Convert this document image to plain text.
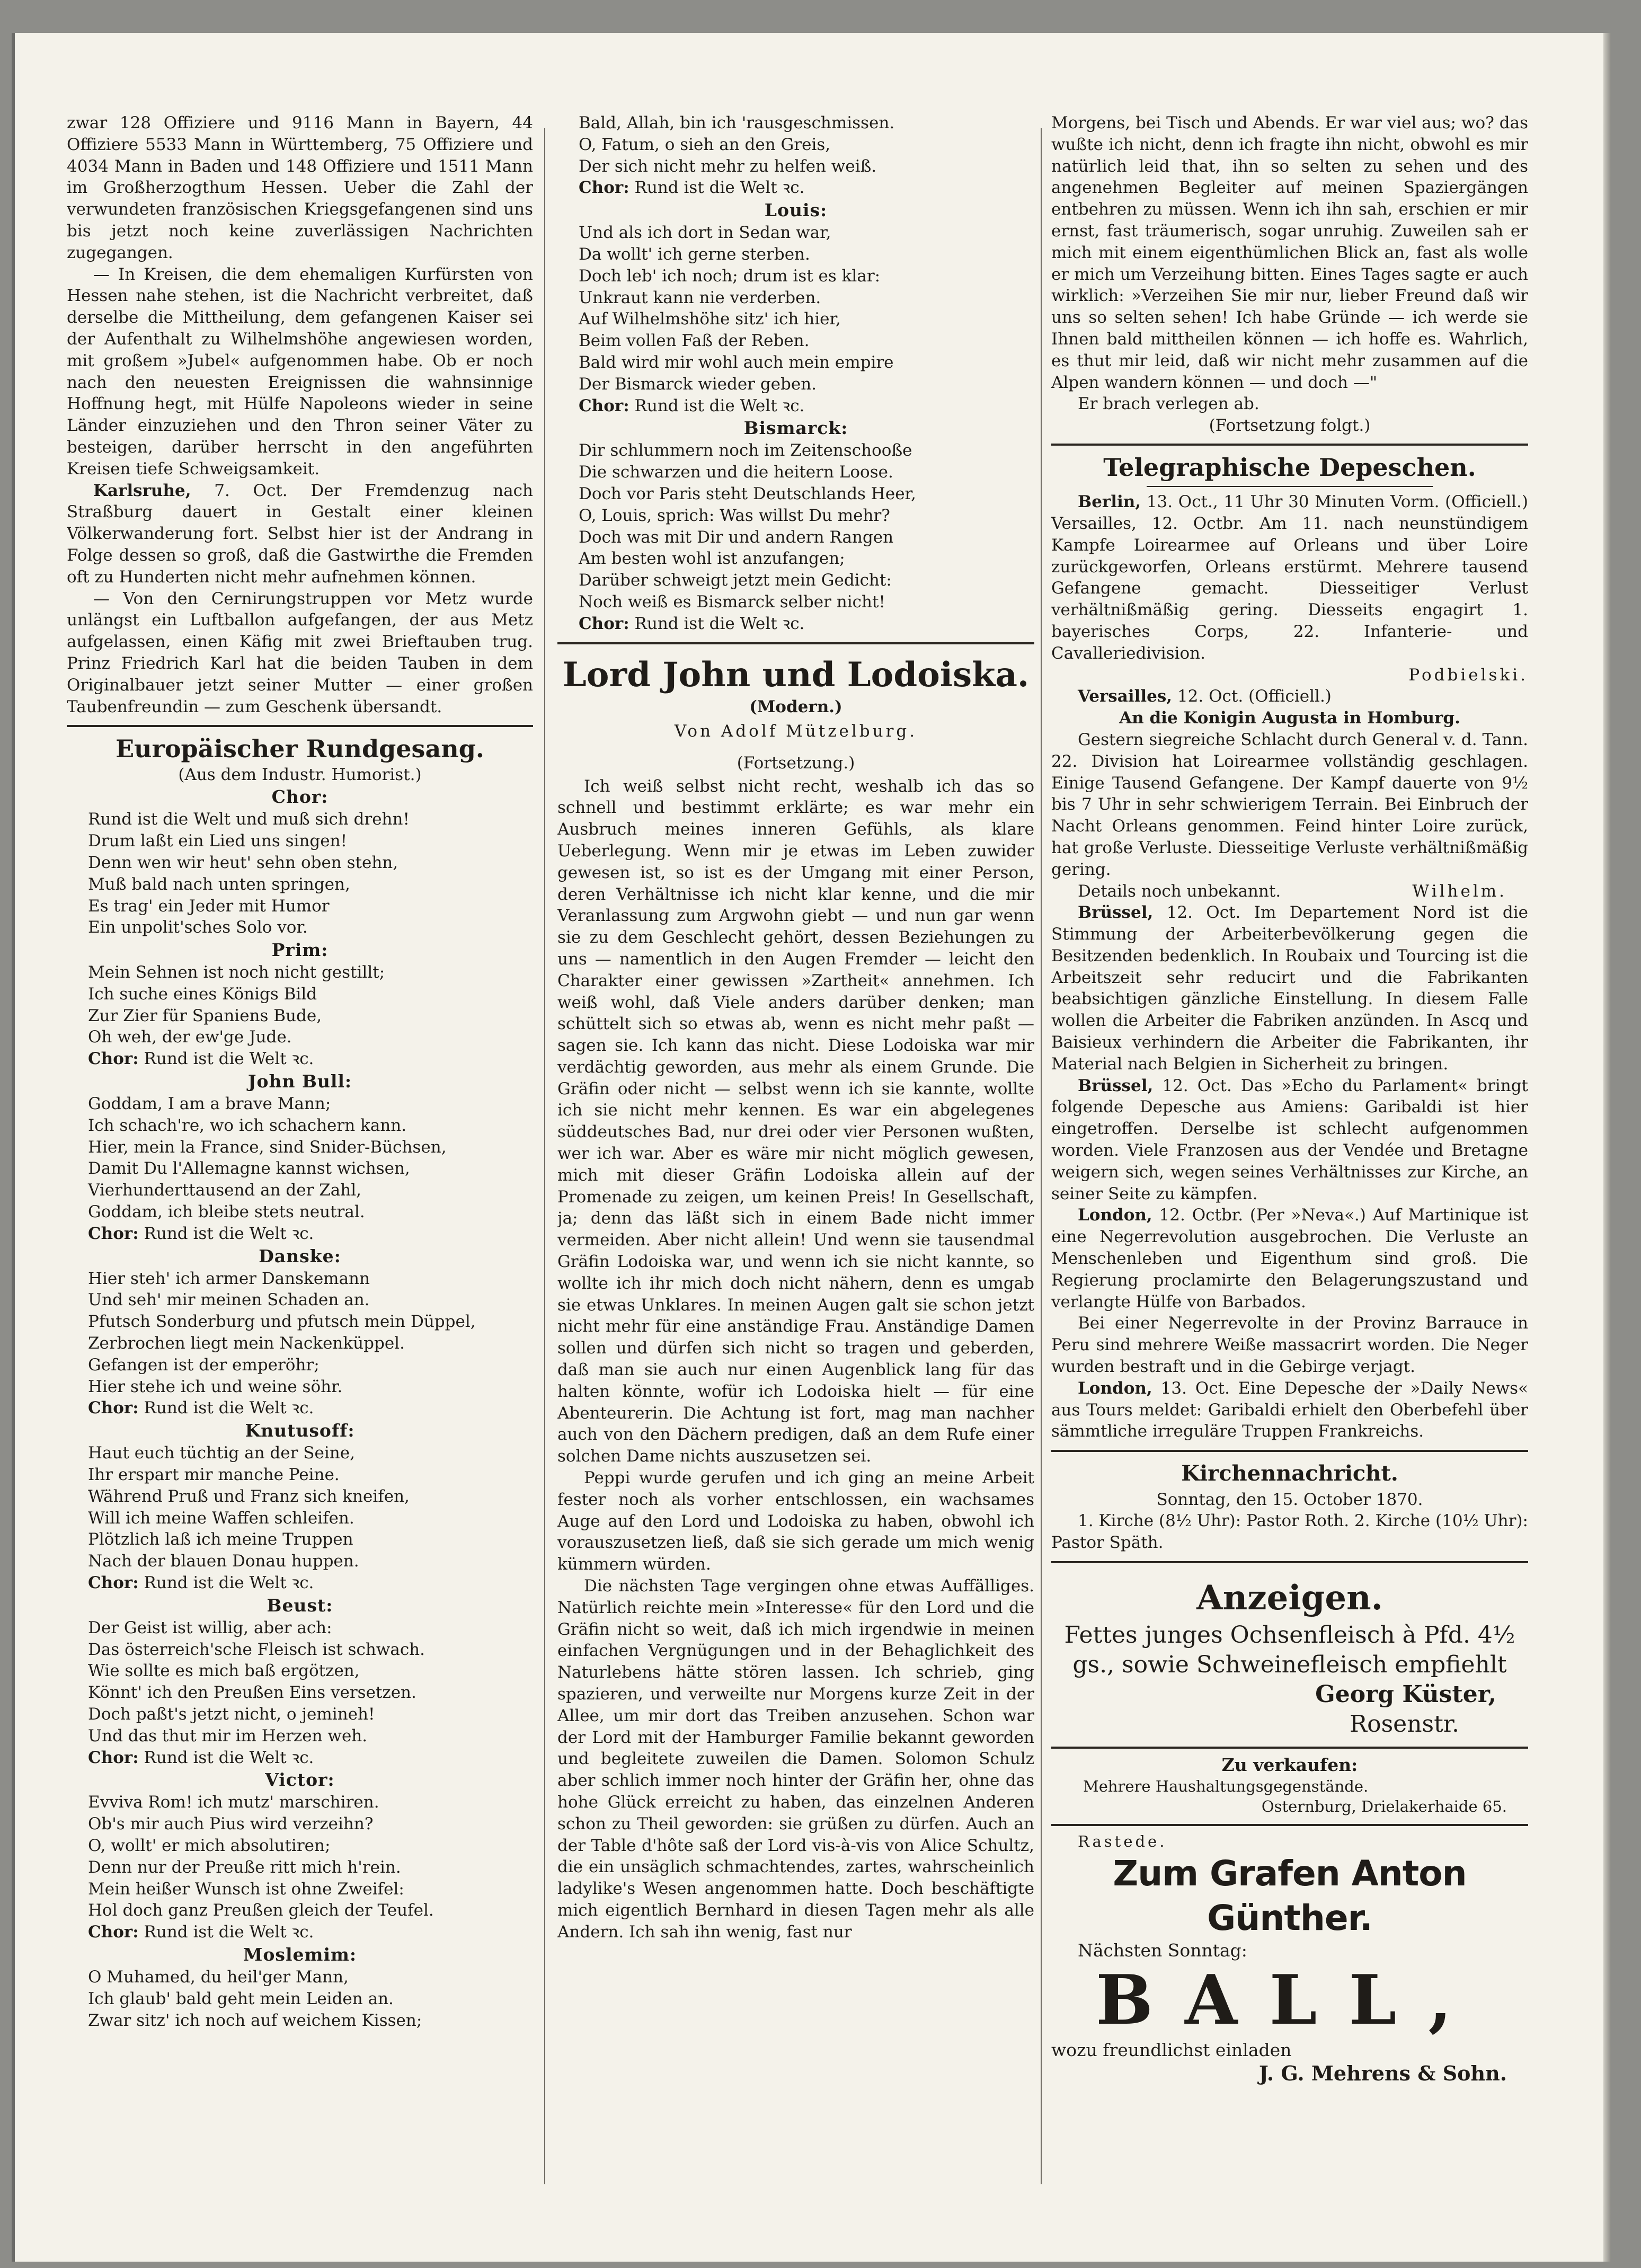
zwar 128 Offiziere und 9116 Mann in Bayern, 44 Offiziere 5533 Mann in Württemberg, 75 Offiziere und 4034 Mann in Baden und 148 Offiziere und 1511 Mann im Großherzogthum Hessen. Ueber die Zahl der verwundeten französischen Kriegsgefangenen sind uns bis jetzt noch keine zuverlässigen Nachrichten zugegangen.

— In Kreisen, die dem ehemaligen Kurfürsten von Hessen nahe stehen, ist die Nachricht verbreitet, daß derselbe die Mittheilung, dem gefangenen Kaiser sei der Aufenthalt zu Wilhelmshöhe angewiesen worden, mit großem »Jubel« aufgenommen habe. Ob er noch nach den neuesten Ereignissen die wahnsinnige Hoffnung hegt, mit Hülfe Napoleons wieder in seine Länder einzuziehen und den Thron seiner Väter zu besteigen, darüber herrscht in den angeführten Kreisen tiefe Schweigsamkeit.

Karlsruhe, 7. Oct. Der Fremdenzug nach Straßburg dauert in Gestalt einer kleinen Völkerwanderung fort. Selbst hier ist der Andrang in Folge dessen so groß, daß die Gastwirthe die Fremden oft zu Hunderten nicht mehr aufnehmen können.

— Von den Cernirungstruppen vor Metz wurde unlängst ein Luftballon aufgefangen, der aus Metz aufgelassen, einen Käfig mit zwei Brieftauben trug. Prinz Friedrich Karl hat die beiden Tauben in dem Originalbauer jetzt seiner Mutter — einer großen Taubenfreundin — zum Geschenk übersandt.

Europäischer Rundgesang.
(Aus dem Industr. Humorist.)
Chor:
Rund ist die Welt und muß sich drehn!
Drum laßt ein Lied uns singen!
Denn wen wir heut' sehn oben stehn,
Muß bald nach unten springen,
Es trag' ein Jeder mit Humor
Ein unpolit'sches Solo vor.
Prim:
Mein Sehnen ist noch nicht gestillt;
Ich suche eines Königs Bild
Zur Zier für Spaniens Bude,
Oh weh, der ew'ge Jude.
Chor: Rund ist die Welt ꝛc.
John Bull:
Goddam, I am a brave Mann;
Ich schach're, wo ich schachern kann.
Hier, mein la France, sind Snider-Büchsen,
Damit Du l'Allemagne kannst wichsen,
Vierhunderttausend an der Zahl,
Goddam, ich bleibe stets neutral.
Chor: Rund ist die Welt ꝛc.
Danske:
Hier steh' ich armer Danskemann
Und seh' mir meinen Schaden an.
Pfutsch Sonderburg und pfutsch mein Düppel,
Zerbrochen liegt mein Nackenküppel.
Gefangen ist der emperöhr;
Hier stehe ich und weine söhr.
Chor: Rund ist die Welt ꝛc.
Knutusoff:
Haut euch tüchtig an der Seine,
Ihr erspart mir manche Peine.
Während Pruß und Franz sich kneifen,
Will ich meine Waffen schleifen.
Plötzlich laß ich meine Truppen
Nach der blauen Donau huppen.
Chor: Rund ist die Welt ꝛc.
Beust:
Der Geist ist willig, aber ach:
Das österreich'sche Fleisch ist schwach.
Wie sollte es mich baß ergötzen,
Könnt' ich den Preußen Eins versetzen.
Doch paßt's jetzt nicht, o jemineh!
Und das thut mir im Herzen weh.
Chor: Rund ist die Welt ꝛc.
Victor:
Evviva Rom! ich mutz' marschiren.
Ob's mir auch Pius wird verzeihn?
O, wollt' er mich absolutiren;
Denn nur der Preuße ritt mich h'rein.
Mein heißer Wunsch ist ohne Zweifel:
Hol doch ganz Preußen gleich der Teufel.
Chor: Rund ist die Welt ꝛc.
Moslemim:
O Muhamed, du heil'ger Mann,
Ich glaub' bald geht mein Leiden an.
Zwar sitz' ich noch auf weichem Kissen;
Bald, Allah, bin ich 'rausgeschmissen.
O, Fatum, o sieh an den Greis,
Der sich nicht mehr zu helfen weiß.
Chor: Rund ist die Welt ꝛc.
Louis:
Und als ich dort in Sedan war,
Da wollt' ich gerne sterben.
Doch leb' ich noch; drum ist es klar:
Unkraut kann nie verderben.
Auf Wilhelmshöhe sitz' ich hier,
Beim vollen Faß der Reben.
Bald wird mir wohl auch mein empire
Der Bismarck wieder geben.
Chor: Rund ist die Welt ꝛc.
Bismarck:
Dir schlummern noch im Zeitenschooße
Die schwarzen und die heitern Loose.
Doch vor Paris steht Deutschlands Heer,
O, Louis, sprich: Was willst Du mehr?
Doch was mit Dir und andern Rangen
Am besten wohl ist anzufangen;
Darüber schweigt jetzt mein Gedicht:
Noch weiß es Bismarck selber nicht!
Chor: Rund ist die Welt ꝛc.
Lord John und Lodoiska.
(Modern.)
Von Adolf Mützelburg.
(Fortsetzung.)

Ich weiß selbst nicht recht, weshalb ich das so schnell und bestimmt erklärte; es war mehr ein Ausbruch meines inneren Gefühls, als klare Ueberlegung. Wenn mir je etwas im Leben zuwider gewesen ist, so ist es der Umgang mit einer Person, deren Verhältnisse ich nicht klar kenne, und die mir Veranlassung zum Argwohn giebt — und nun gar wenn sie zu dem Geschlecht gehört, dessen Beziehungen zu uns — namentlich in den Augen Fremder — leicht den Charakter einer gewissen »Zartheit« annehmen. Ich weiß wohl, daß Viele anders darüber denken; man schüttelt sich so etwas ab, wenn es nicht mehr paßt — sagen sie. Ich kann das nicht. Diese Lodoiska war mir verdächtig geworden, aus mehr als einem Grunde. Die Gräfin oder nicht — selbst wenn ich sie kannte, wollte ich sie nicht mehr kennen. Es war ein abgelegenes süddeutsches Bad, nur drei oder vier Personen wußten, wer ich war. Aber es wäre mir nicht möglich gewesen, mich mit dieser Gräfin Lodoiska allein auf der Promenade zu zeigen, um keinen Preis! In Gesellschaft, ja; denn das läßt sich in einem Bade nicht immer vermeiden. Aber nicht allein! Und wenn sie tausendmal Gräfin Lodoiska war, und wenn ich sie nicht kannte, so wollte ich ihr mich doch nicht nähern, denn es umgab sie etwas Unklares. In meinen Augen galt sie schon jetzt nicht mehr für eine anständige Frau. Anständige Damen sollen und dürfen sich nicht so tragen und geberden, daß man sie auch nur einen Augenblick lang für das halten könnte, wofür ich Lodoiska hielt — für eine Abenteurerin. Die Achtung ist fort, mag man nachher auch von den Dächern predigen, daß an dem Rufe einer solchen Dame nichts auszusetzen sei.

Peppi wurde gerufen und ich ging an meine Arbeit fester noch als vorher entschlossen, ein wachsames Auge auf den Lord und Lodoiska zu haben, obwohl ich vorauszusetzen ließ, daß sie sich gerade um mich wenig kümmern würden.

Die nächsten Tage vergingen ohne etwas Auffälliges. Natürlich reichte mein »Interesse« für den Lord und die Gräfin nicht so weit, daß ich mich irgendwie in meinen einfachen Vergnügungen und in der Behaglichkeit des Naturlebens hätte stören lassen. Ich schrieb, ging spazieren, und verweilte nur Morgens kurze Zeit in der Allee, um mir dort das Treiben anzusehen. Schon war der Lord mit der Hamburger Familie bekannt geworden und begleitete zuweilen die Damen. Solomon Schulz aber schlich immer noch hinter der Gräfin her, ohne das hohe Glück erreicht zu haben, das einzelnen Anderen schon zu Theil geworden: sie grüßen zu dürfen. Auch an der Table d'hôte saß der Lord vis-à-vis von Alice Schultz, die ein unsäglich schmachtendes, zartes, wahrscheinlich ladylike's Wesen angenommen hatte. Doch beschäftigte mich eigentlich Bernhard in diesen Tagen mehr als alle Andern. Ich sah ihn wenig, fast nur

Morgens, bei Tisch und Abends. Er war viel aus; wo? das wußte ich nicht, denn ich fragte ihn nicht, obwohl es mir natürlich leid that, ihn so selten zu sehen und des angenehmen Begleiter auf meinen Spaziergängen entbehren zu müssen. Wenn ich ihn sah, erschien er mir ernst, fast träumerisch, sogar unruhig. Zuweilen sah er mich mit einem eigenthümlichen Blick an, fast als wolle er mich um Verzeihung bitten. Eines Tages sagte er auch wirklich: »Verzeihen Sie mir nur, lieber Freund daß wir uns so selten sehen! Ich habe Gründe — ich werde sie Ihnen bald mittheilen können — ich hoffe es. Wahrlich, es thut mir leid, daß wir nicht mehr zusammen auf die Alpen wandern können — und doch —"

Er brach verlegen ab.

(Fortsetzung folgt.)
Telegraphische Depeschen.

Berlin, 13. Oct., 11 Uhr 30 Minuten Vorm. (Officiell.) Versailles, 12. Octbr. Am 11. nach neunstündigem Kampfe Loirearmee auf Orleans und über Loire zurückgeworfen, Orleans erstürmt. Mehrere tausend Gefangene gemacht. Diesseitiger Verlust verhältnißmäßig gering. Diesseits engagirt 1. bayerisches Corps, 22. Infanterie- und Cavalleriedivision.

Podbielski.

Versailles, 12. Oct. (Officiell.)

An die Konigin Augusta in Homburg.

Gestern siegreiche Schlacht durch General v. d. Tann. 22. Division hat Loirearmee vollständig geschlagen. Einige Tausend Gefangene. Der Kampf dauerte von 9½ bis 7 Uhr in sehr schwierigem Terrain. Bei Einbruch der Nacht Orleans genommen. Feind hinter Loire zurück, hat große Verluste. Diesseitige Verluste verhältnißmäßig gering.

Details noch unbekannt.	Wilhelm.

Brüssel, 12. Oct. Im Departement Nord ist die Stimmung der Arbeiterbevölkerung gegen die Besitzenden bedenklich. In Roubaix und Tourcing ist die Arbeitszeit sehr reducirt und die Fabrikanten beabsichtigen gänzliche Einstellung. In diesem Falle wollen die Arbeiter die Fabriken anzünden. In Ascq und Baisieux verhindern die Arbeiter die Fabrikanten, ihr Material nach Belgien in Sicherheit zu bringen.

Brüssel, 12. Oct. Das »Echo du Parlament« bringt folgende Depesche aus Amiens: Garibaldi ist hier eingetroffen. Derselbe ist schlecht aufgenommen worden. Viele Franzosen aus der Vendée und Bretagne weigern sich, wegen seines Verhältnisses zur Kirche, an seiner Seite zu kämpfen.

London, 12. Octbr. (Per »Neva«.) Auf Martinique ist eine Negerrevolution ausgebrochen. Die Verluste an Menschenleben und Eigenthum sind groß. Die Regierung proclamirte den Belagerungszustand und verlangte Hülfe von Barbados.

Bei einer Negerrevolte in der Provinz Barrauce in Peru sind mehrere Weiße massacrirt worden. Die Neger wurden bestraft und in die Gebirge verjagt.

London, 13. Oct. Eine Depesche der »Daily News« aus Tours meldet: Garibaldi erhielt den Oberbefehl über sämmtliche irreguläre Truppen Frankreichs.

Kirchennachricht.
Sonntag, den 15. October 1870.

1. Kirche (8½ Uhr): Pastor Roth. 2. Kirche (10½ Uhr): Pastor Späth.

Anzeigen.
Fettes junges Ochsenfleisch à Pfd. 4½ gs., sowie Schweinefleisch empfiehlt
Georg Küster,
Rosenstr.
Zu verkaufen:
Mehrere Haushaltungsgegenstände.
Osternburg, Drielakerhaide 65.
Rastede.
Zum Grafen Anton Günther.
Nächsten Sonntag:
BALL,
wozu freundlichst einladen
J. G. Mehrens & Sohn.
